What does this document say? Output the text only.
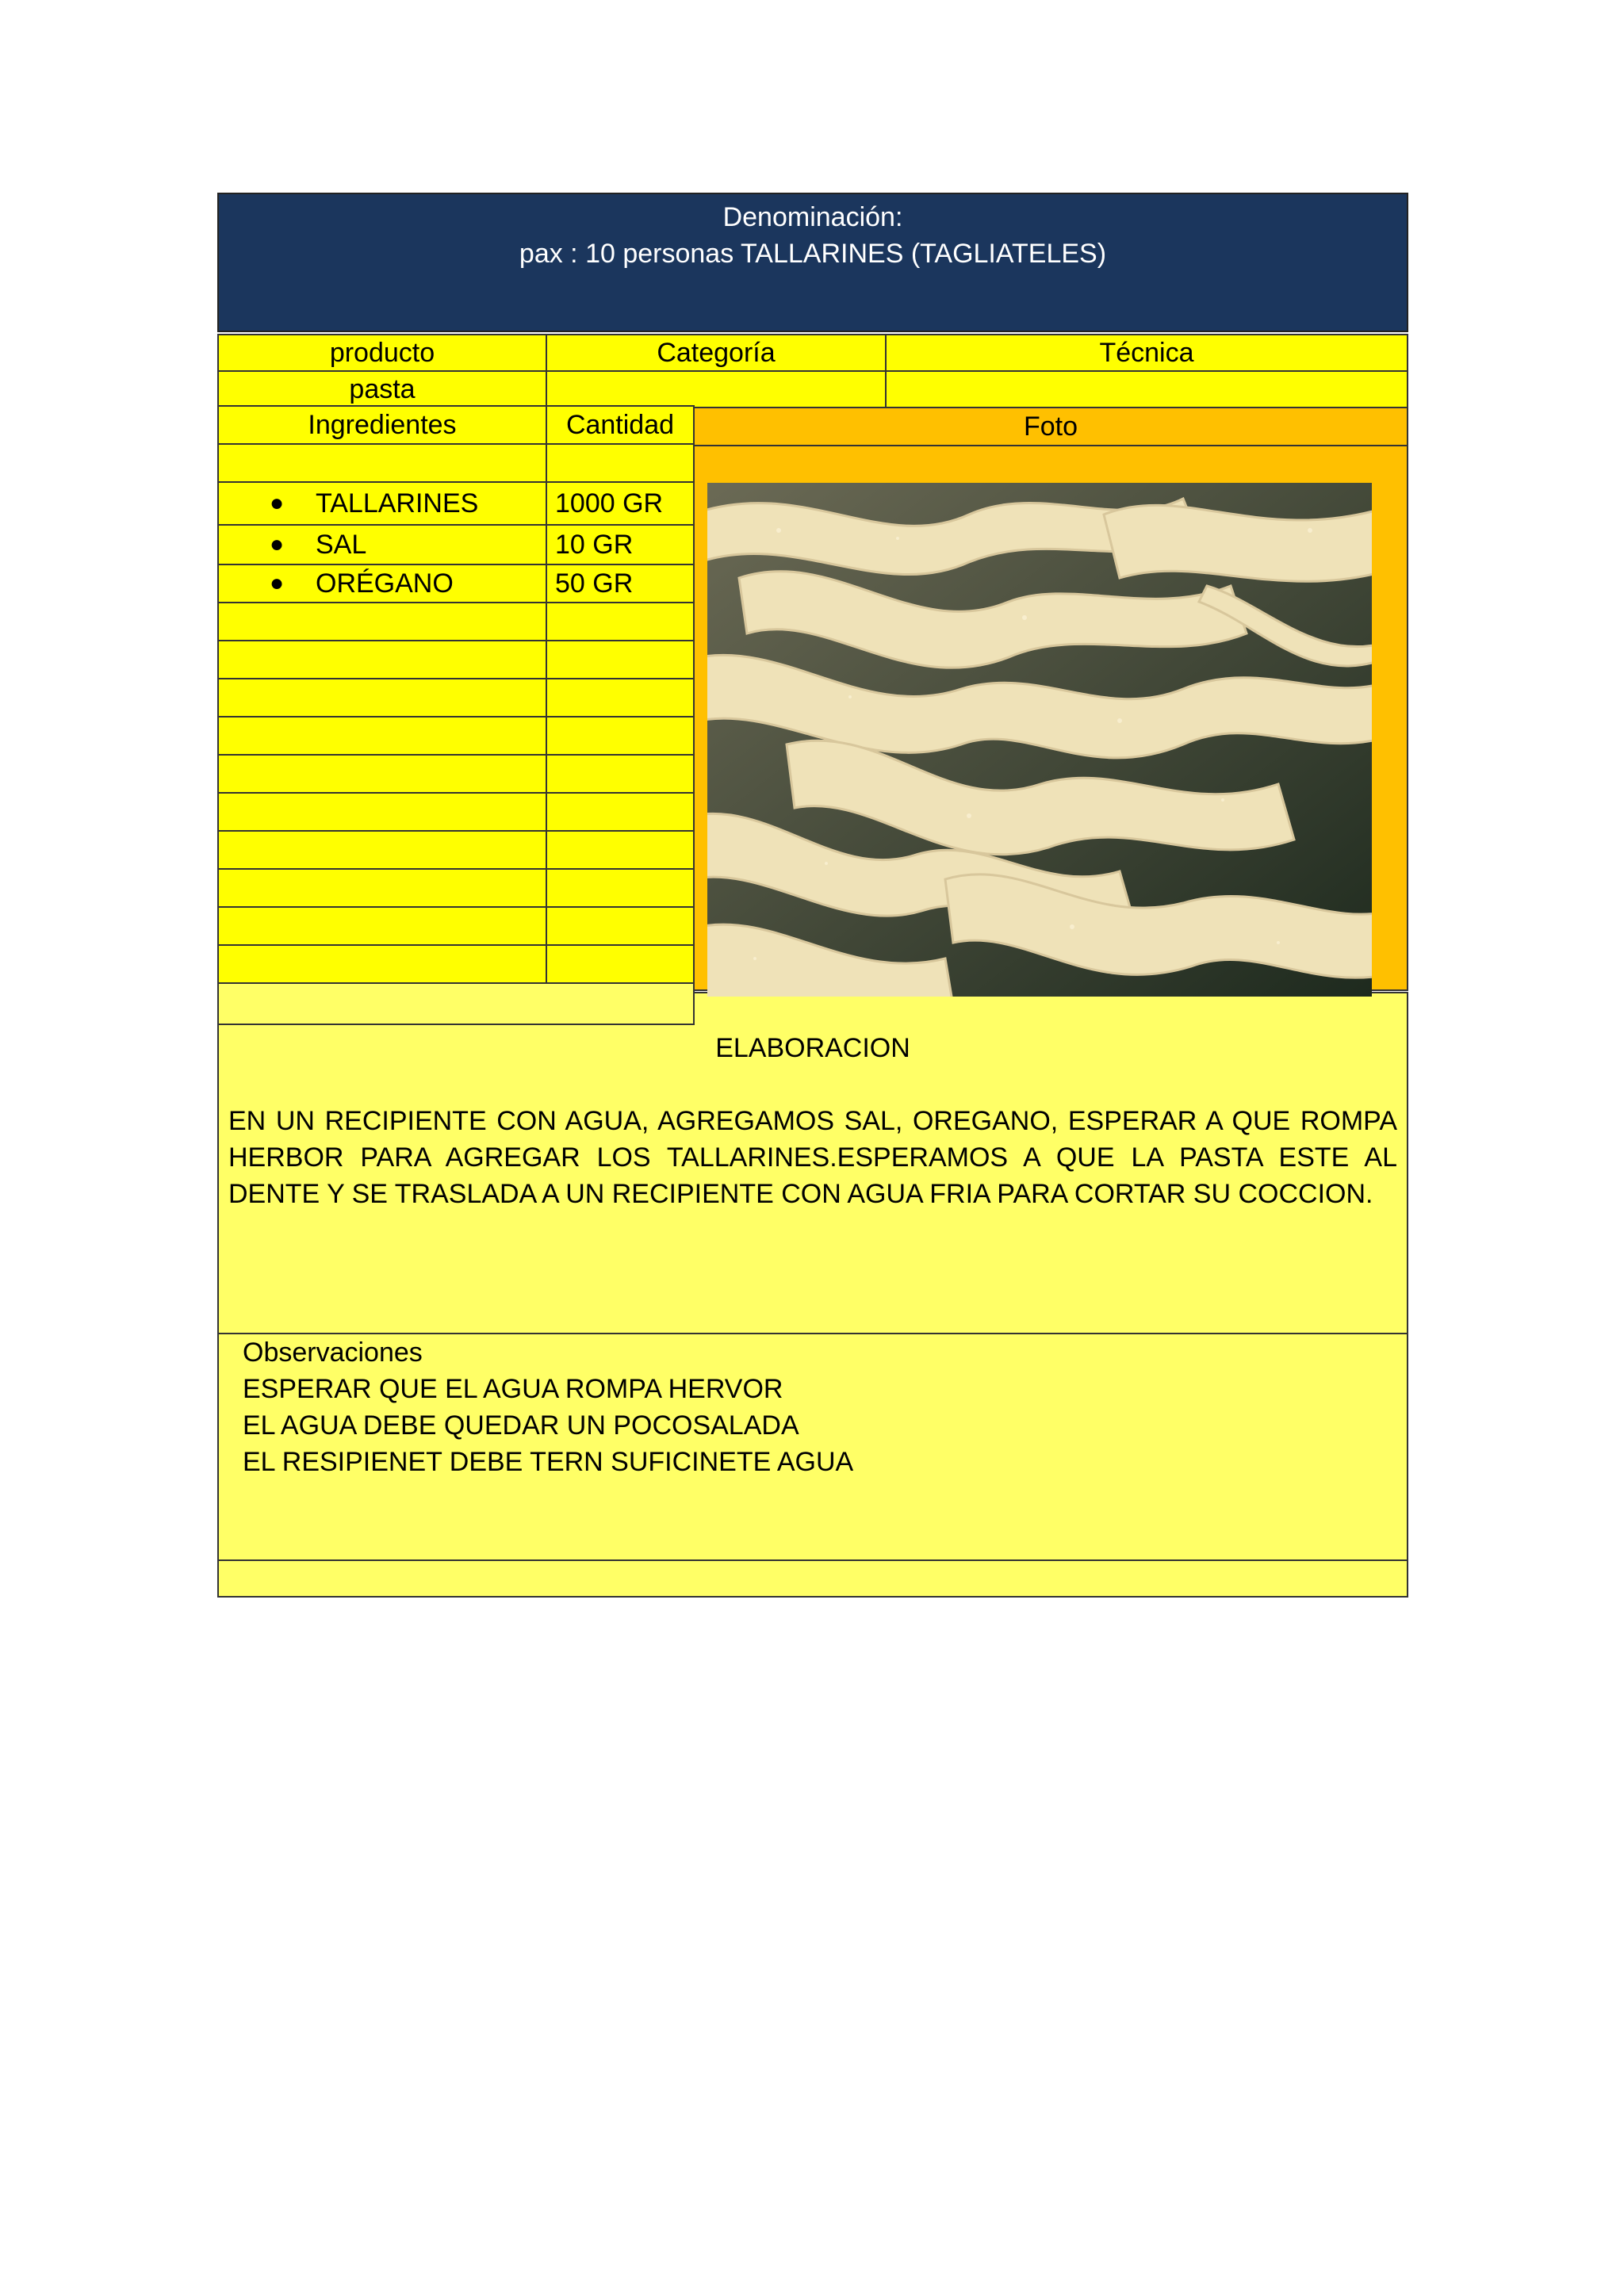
Denominación:
pax : 10 personas TALLARINES (TAGLIATELES)
producto	Categoría	Técnica
pasta
Ingredientes	Cantidad
●	TALLARINES	1000 GR
●	SAL	10 GR
●	ORÉGANO	50 GR
Foto
ELABORACION
EN UN RECIPIENTE CON AGUA, AGREGAMOS SAL, OREGANO, ESPERAR A QUE ROMPA HERBOR PARA AGREGAR LOS TALLARINES.ESPERAMOS A QUE LA PASTA ESTE AL DENTE Y SE TRASLADA A UN RECIPIENTE CON AGUA FRIA PARA CORTAR SU COCCION.
Observaciones
ESPERAR QUE EL AGUA ROMPA HERVOR
EL AGUA DEBE QUEDAR UN POCOSALADA
EL RESIPIENET DEBE TERN SUFICINETE AGUA
